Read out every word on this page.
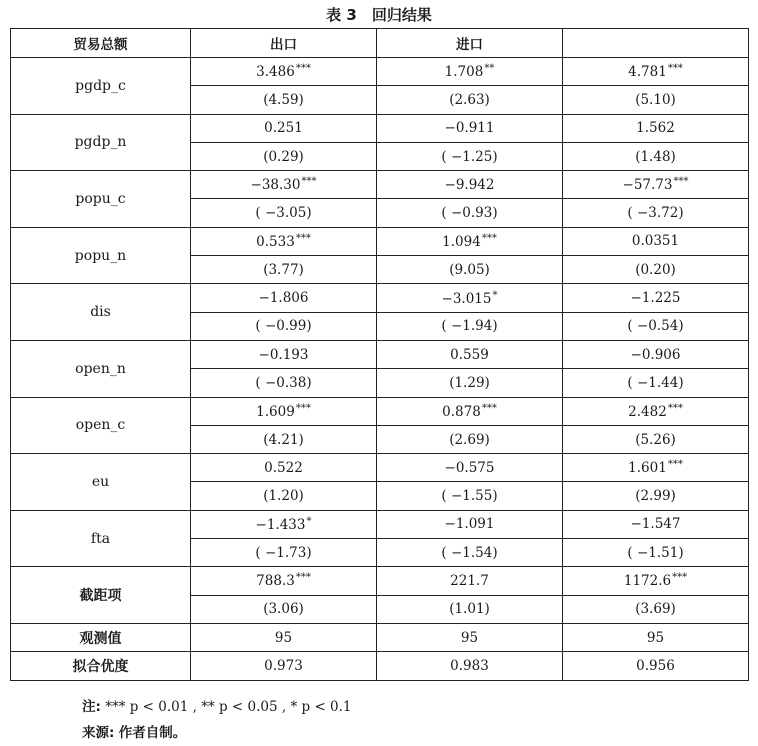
表 3　回归结果
贸易总额	出口	进口	
pgdp_c	3.486***	1.708**	4.781***
	(4.59)	(2.63)	(5.10)
pgdp_n	0.251	−0.911	1.562
	(0.29)	( −1.25)	(1.48)
popu_c	−38.30***	−9.942	−57.73***
	( −3.05)	( −0.93)	( −3.72)
popu_n	0.533***	1.094***	0.0351
	(3.77)	(9.05)	(0.20)
dis	−1.806	−3.015*	−1.225
	( −0.99)	( −1.94)	( −0.54)
open_n	−0.193	0.559	−0.906
	( −0.38)	(1.29)	( −1.44)
open_c	1.609***	0.878***	2.482***
	(4.21)	(2.69)	(5.26)
eu	0.522	−0.575	1.601***
	(1.20)	( −1.55)	(2.99)
fta	−1.433*	−1.091	−1.547
	( −1.73)	( −1.54)	( −1.51)
截距项	788.3***	221.7	1172.6***
	(3.06)	(1.01)	(3.69)
观测值	95	95	95
拟合优度	0.973	0.983	0.956
注: *** p < 0.01 , ** p < 0.05 , * p < 0.1
来源: 作者自制。
